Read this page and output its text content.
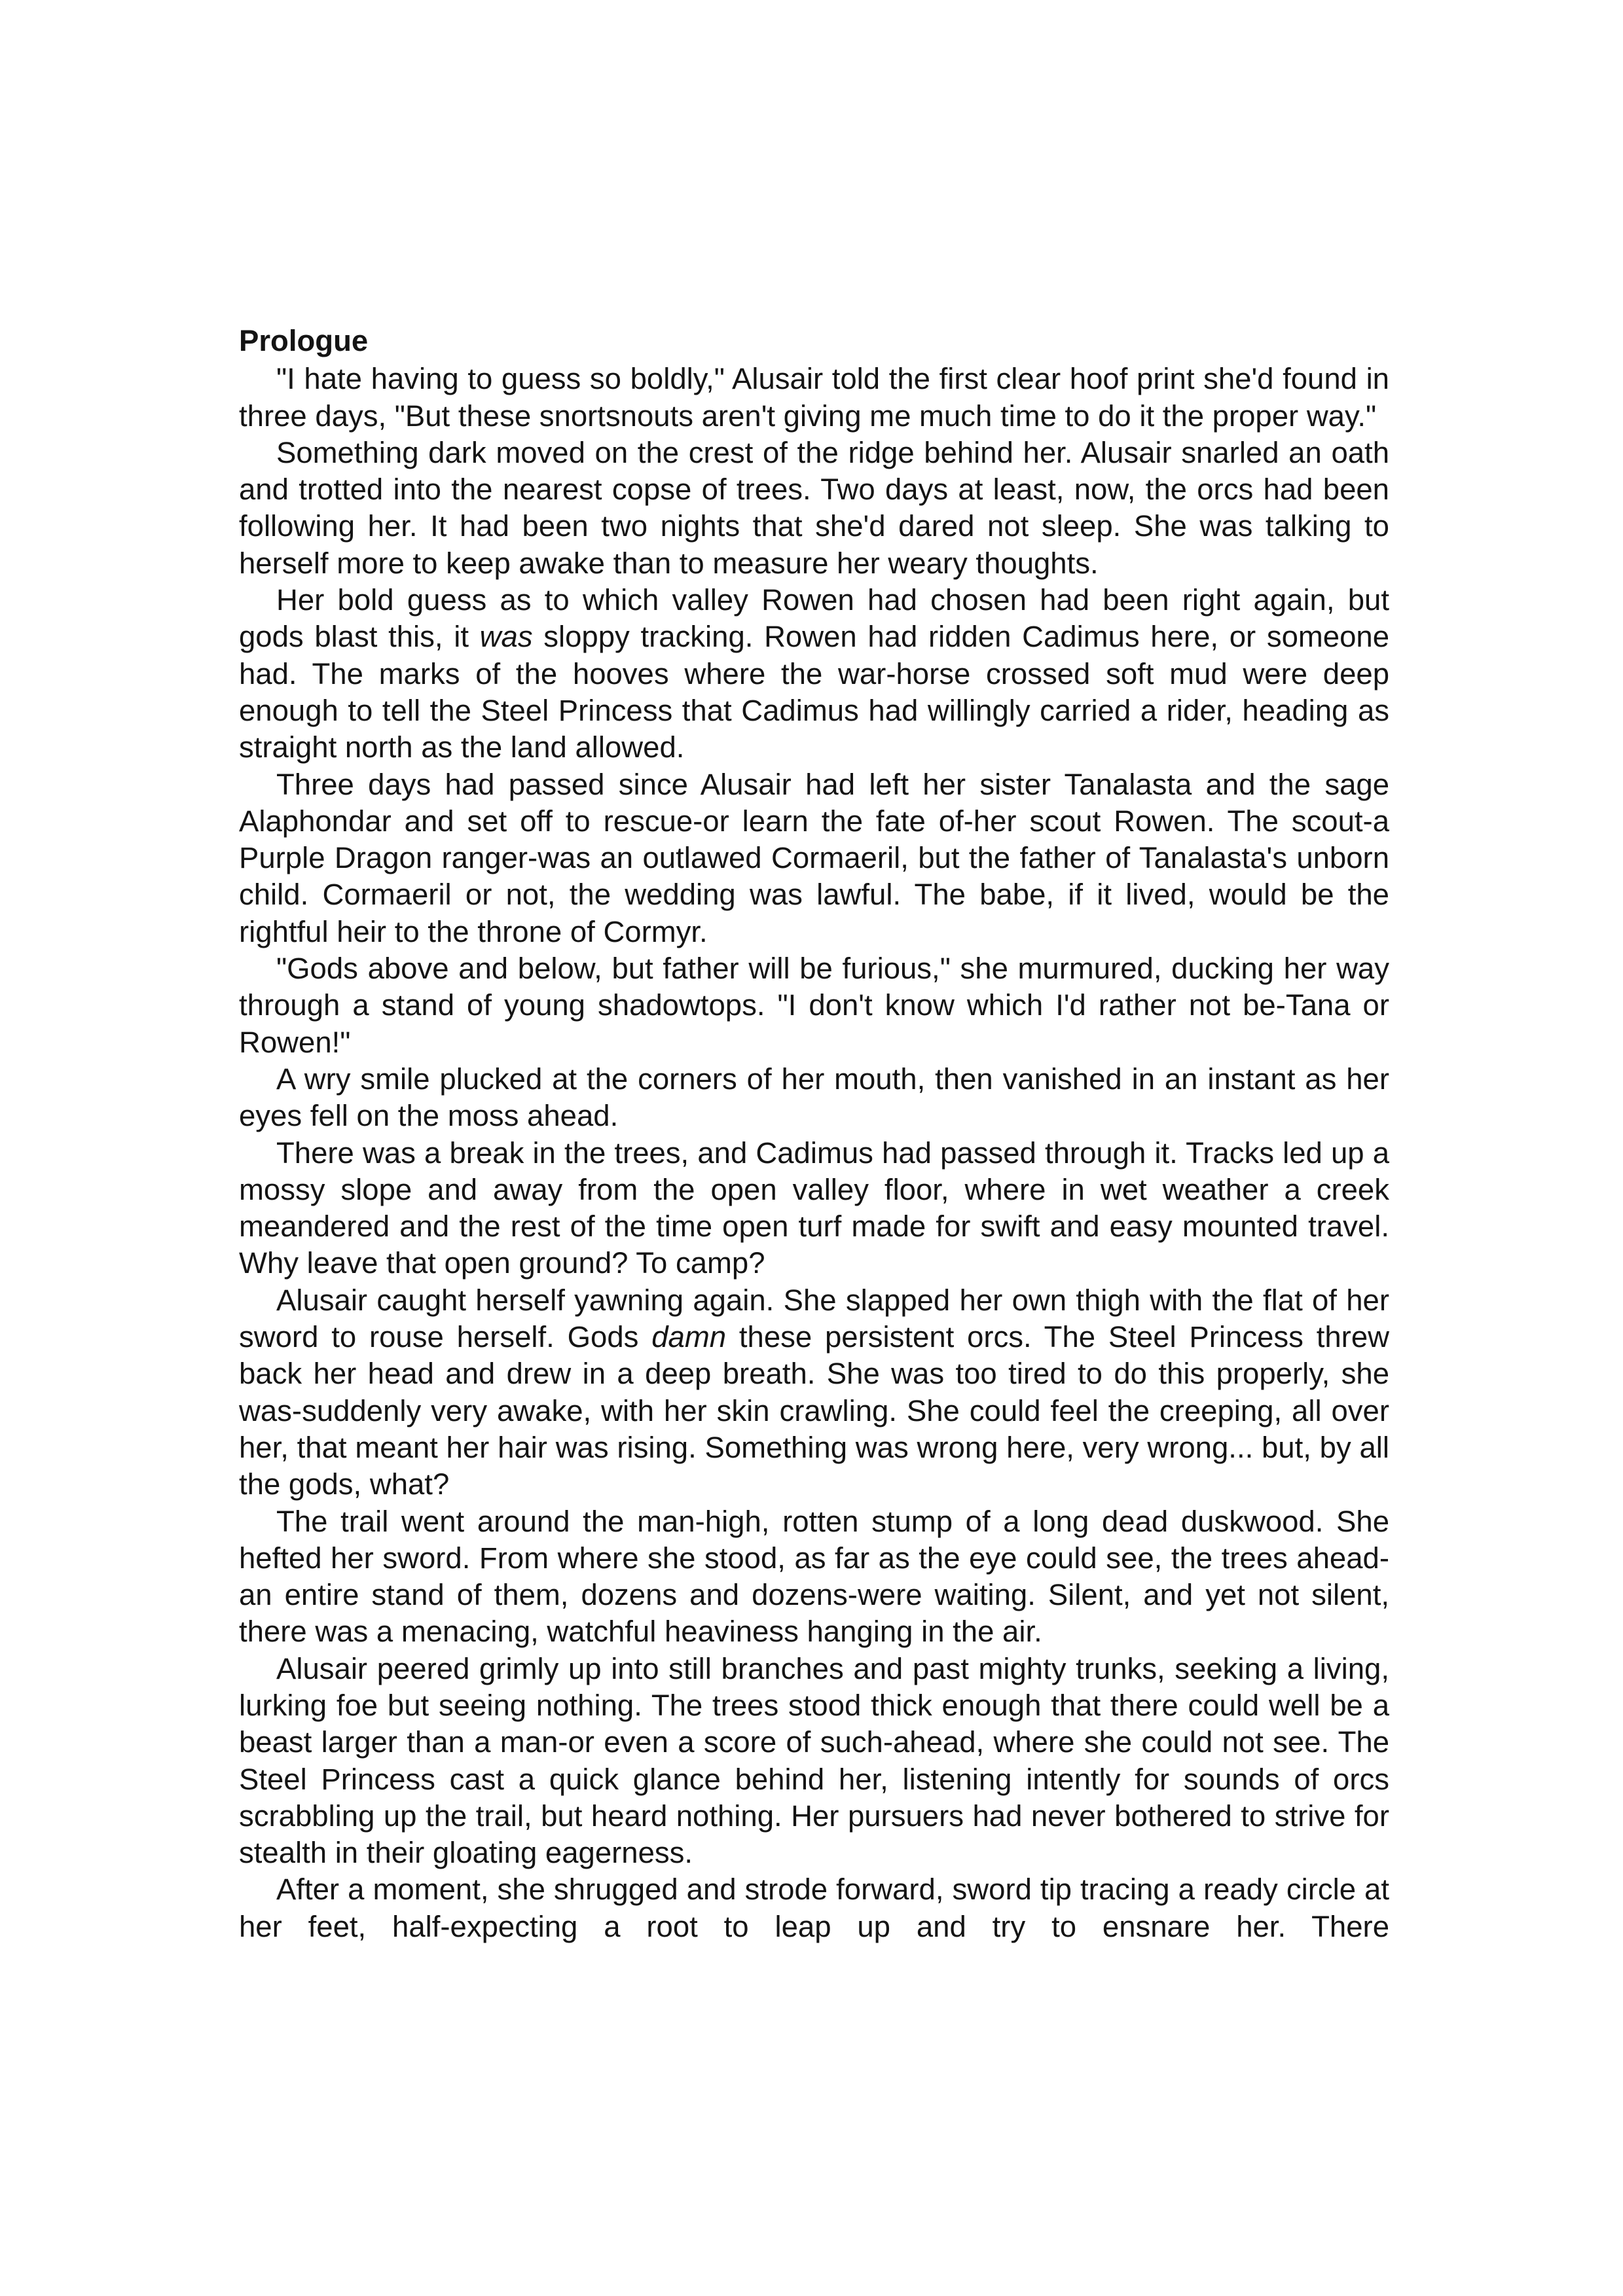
Prologue

"I hate having to guess so boldly," Alusair told the first clear hoof print she'd found in three days, "But these snortsnouts aren't giving me much time to do it the proper way."

Something dark moved on the crest of the ridge behind her. Alusair snarled an oath and trotted into the nearest copse of trees. Two days at least, now, the orcs had been following her. It had been two nights that she'd dared not sleep. She was talking to herself more to keep awake than to measure her weary thoughts.

Her bold guess as to which valley Rowen had chosen had been right again, but gods blast this, it was sloppy tracking. Rowen had ridden Cadimus here, or someone had. The marks of the hooves where the war-horse crossed soft mud were deep enough to tell the Steel Princess that Cadimus had willingly carried a rider, heading as straight north as the land allowed.

Three days had passed since Alusair had left her sister Tanalasta and the sage Alaphondar and set off to rescue-or learn the fate of-her scout Rowen. The scout-a Purple Dragon ranger-was an outlawed Cormaeril, but the father of Tanalasta's unborn child. Cormaeril or not, the wedding was lawful. The babe, if it lived, would be the rightful heir to the throne of Cormyr.

"Gods above and below, but father will be furious," she murmured, ducking her way through a stand of young shadowtops. "I don't know which I'd rather not be-Tana or Rowen!"

A wry smile plucked at the corners of her mouth, then vanished in an instant as her eyes fell on the moss ahead.

There was a break in the trees, and Cadimus had passed through it. Tracks led up a mossy slope and away from the open valley floor, where in wet weather a creek meandered and the rest of the time open turf made for swift and easy mounted travel. Why leave that open ground? To camp?

Alusair caught herself yawning again. She slapped her own thigh with the flat of her sword to rouse herself. Gods damn these persistent orcs. The Steel Princess threw back her head and drew in a deep breath. She was too tired to do this properly, she was-suddenly very awake, with her skin crawling. She could feel the creeping, all over her, that meant her hair was rising. Something was wrong here, very wrong... but, by all the gods, what?

The trail went around the man-high, rotten stump of a long dead duskwood. She hefted her sword. From where she stood, as far as the eye could see, the trees ahead-an entire stand of them, dozens and dozens-were waiting. Silent, and yet not silent, there was a menacing, watchful heaviness hanging in the air.

Alusair peered grimly up into still branches and past mighty trunks, seeking a living, lurking foe but seeing nothing. The trees stood thick enough that there could well be a beast larger than a man-or even a score of such-ahead, where she could not see. The Steel Princess cast a quick glance behind her, listening intently for sounds of orcs scrabbling up the trail, but heard nothing. Her pursuers had never bothered to strive for stealth in their gloating eagerness.

After a moment, she shrugged and strode forward, sword tip tracing a ready circle at her feet, half-expecting a root to leap up and try to ensnare her. There
